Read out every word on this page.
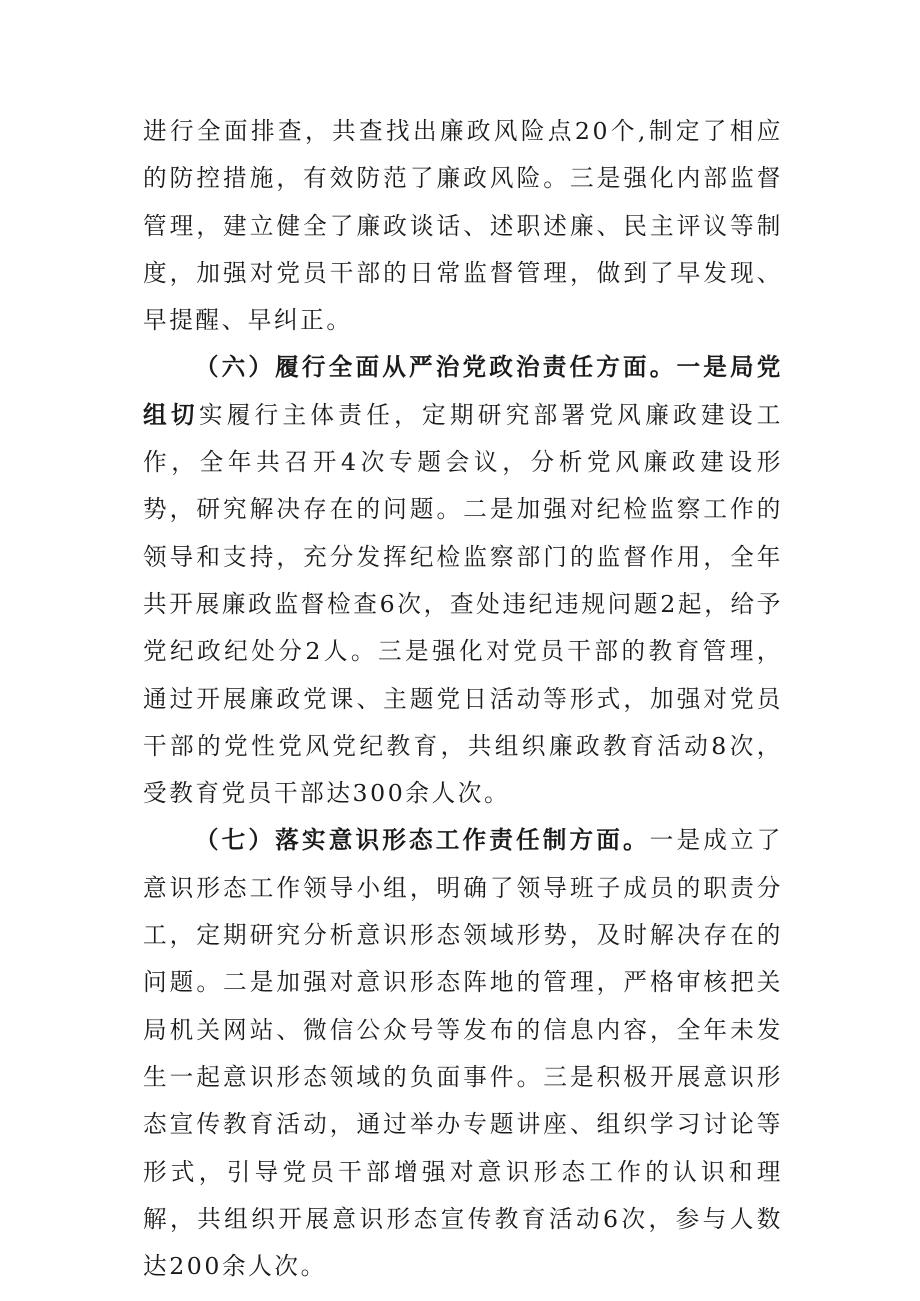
进行全面排查，共查找出廉政风险点20个,制定了相应的防控措施，有效防范了廉政风险。三是强化内部监督管理，建立健全了廉政谈话、述职述廉、民主评议等制度，加强对党员干部的日常监督管理，做到了早发现、早提醒、早纠正。

（六）履行全面从严治党政治责任方面。一是局党组切实履行主体责任，定期研究部署党风廉政建设工作，全年共召开4次专题会议，分析党风廉政建设形势，研究解决存在的问题。二是加强对纪检监察工作的领导和支持，充分发挥纪检监察部门的监督作用，全年共开展廉政监督检查6次，查处违纪违规问题2起，给予党纪政纪处分2人。三是强化对党员干部的教育管理，通过开展廉政党课、主题党日活动等形式，加强对党员干部的党性党风党纪教育，共组织廉政教育活动8次，受教育党员干部达300余人次。

（七）落实意识形态工作责任制方面。一是成立了意识形态工作领导小组，明确了领导班子成员的职责分工，定期研究分析意识形态领域形势，及时解决存在的问题。二是加强对意识形态阵地的管理，严格审核把关局机关网站、微信公众号等发布的信息内容，全年未发生一起意识形态领域的负面事件。三是积极开展意识形态宣传教育活动，通过举办专题讲座、组织学习讨论等形式，引导党员干部增强对意识形态工作的认识和理解，共组织开展意识形态宣传教育活动6次，参与人数达200余人次。
